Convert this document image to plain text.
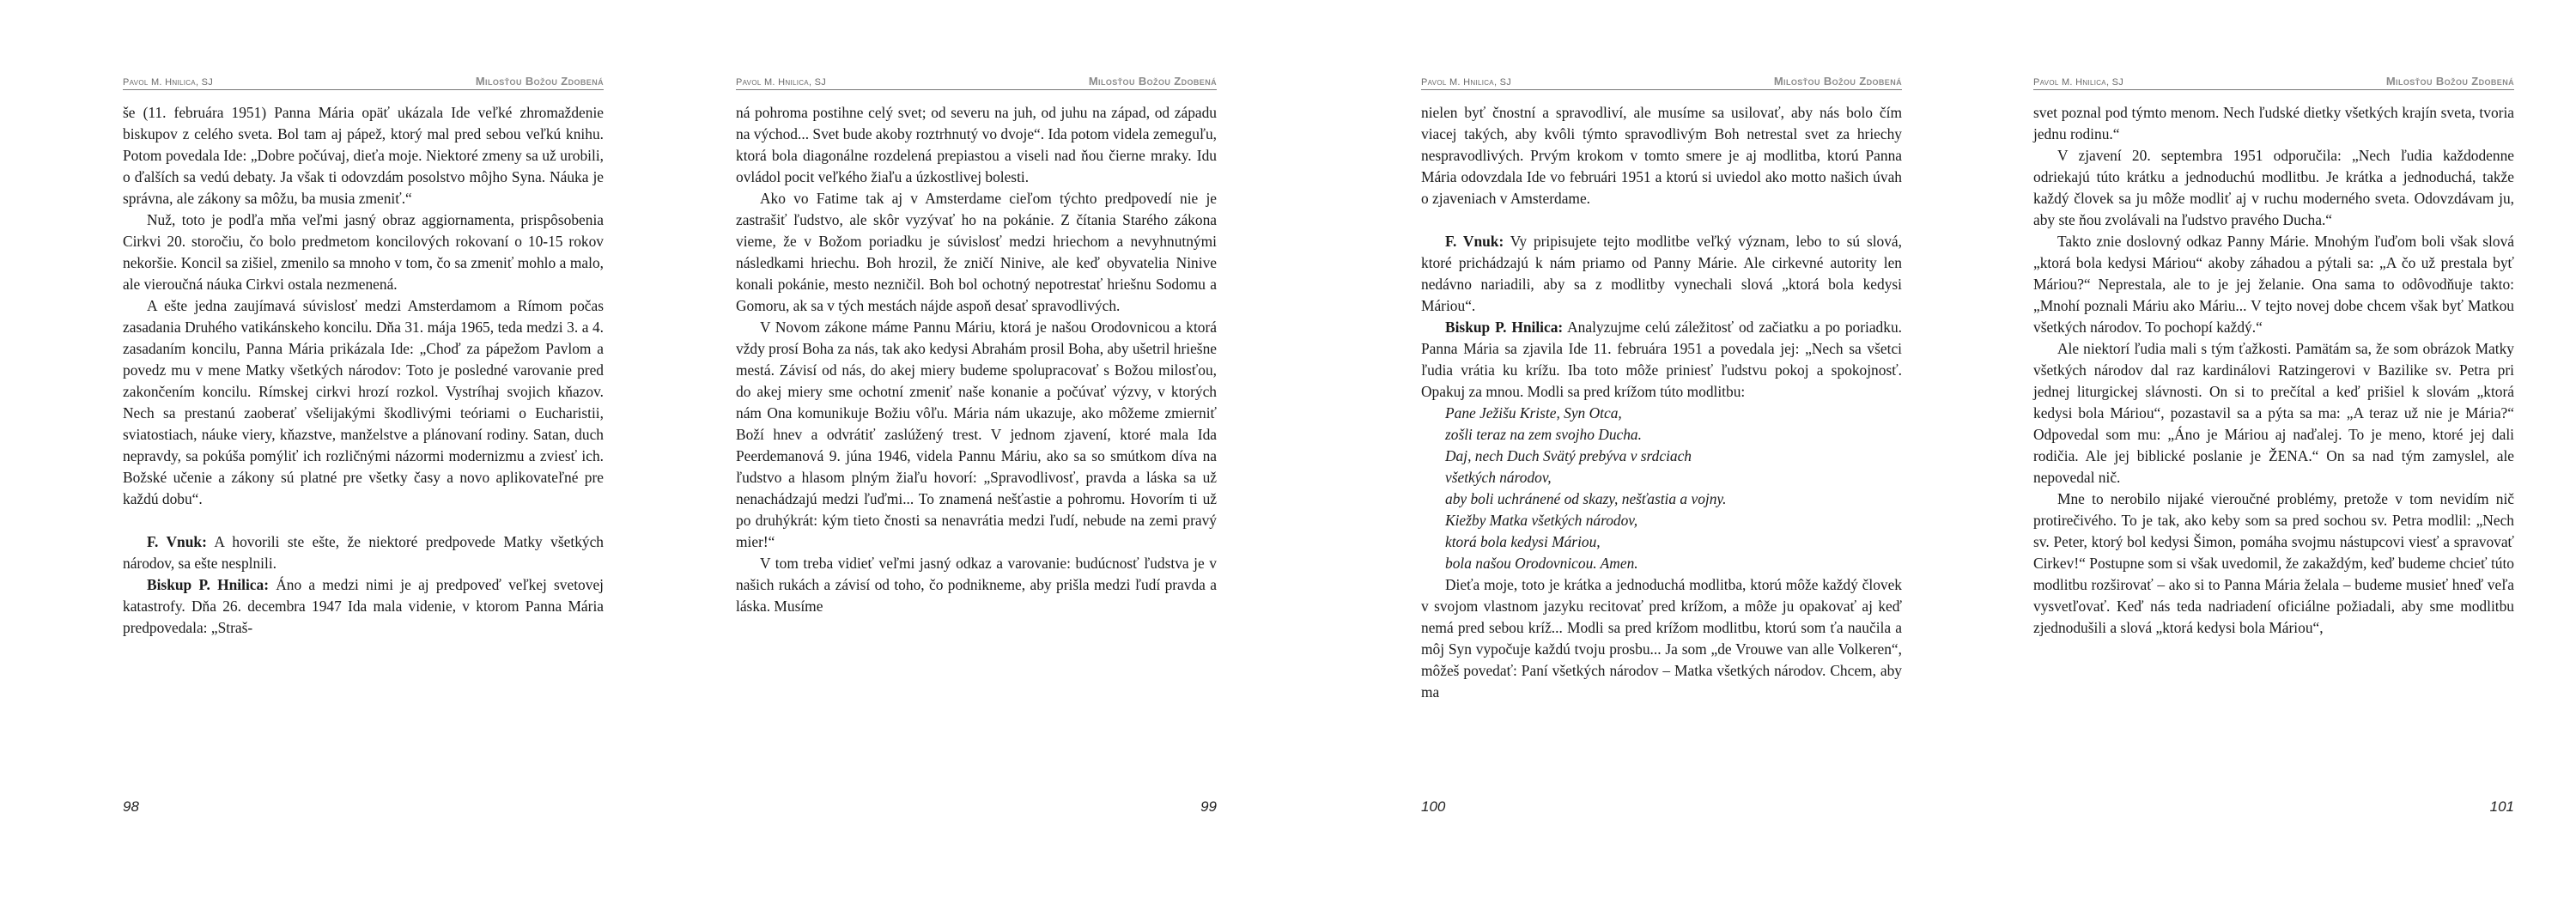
Pavol M. Hnilica, SJ	Milosťou Božou Zdobená

še (11. februára 1951) Panna Mária opäť ukázala Ide veľké zhromaždenie biskupov z celého sveta. Bol tam aj pápež, ktorý mal pred sebou veľkú knihu. Potom povedala Ide: „Dobre počúvaj, dieťa moje. Niektoré zmeny sa už urobili, o ďalších sa vedú debaty. Ja však ti odovzdám posolstvo môjho Syna. Náuka je správna, ale zákony sa môžu, ba musia zmeniť.“

Nuž, toto je podľa mňa veľmi jasný obraz aggiornamenta, prispôsobenia Cirkvi 20. storočiu, čo bolo predmetom koncilových rokovaní o 10-15 rokov nekoršie. Koncil sa zišiel, zmenilo sa mnoho v tom, čo sa zmeniť mohlo a malo, ale vieroučná náuka Cirkvi ostala nezmenená.

A ešte jedna zaujímavá súvislosť medzi Amsterdamom a Rímom počas zasadania Druhého vatikánskeho koncilu. Dňa 31. mája 1965, teda medzi 3. a 4. zasadaním koncilu, Panna Mária prikázala Ide: „Choď za pápežom Pavlom a povedz mu v mene Matky všetkých národov: Toto je posledné varovanie pred zakončením koncilu. Rímskej cirkvi hrozí rozkol. Vystríhaj svojich kňazov. Nech sa prestanú zaoberať všelijakými škodlivými teóriami o Eucharistii, sviatostiach, náuke viery, kňazstve, manželstve a plánovaní rodiny. Satan, duch nepravdy, sa pokúša pomýliť ich rozličnými názormi modernizmu a zviesť ich. Božské učenie a zákony sú platné pre všetky časy a novo aplikovateľné pre každú dobu“.

F. Vnuk: A hovorili ste ešte, že niektoré predpovede Matky všetkých národov, sa ešte nesplnili.

Biskup P. Hnilica: Áno a medzi nimi je aj predpoveď veľkej svetovej katastrofy. Dňa 26. decembra 1947 Ida mala videnie, v ktorom Panna Mária predpovedala: „Straš-

98
Pavol M. Hnilica, SJ	Milosťou Božou Zdobená

ná pohroma postihne celý svet; od severu na juh, od juhu na západ, od západu na východ... Svet bude akoby roztrhnutý vo dvoje“. Ida potom videla zemeguľu, ktorá bola diagonálne rozdelená prepiastou a viseli nad ňou čierne mraky. Idu ovládol pocit veľkého žiaľu a úzkostlivej bolesti.

Ako vo Fatime tak aj v Amsterdame cieľom týchto predpovedí nie je zastrašiť ľudstvo, ale skôr vyzývať ho na pokánie. Z čítania Starého zákona vieme, že v Božom poriadku je súvislosť medzi hriechom a nevyhnutnými následkami hriechu. Boh hrozil, že zničí Ninive, ale keď obyvatelia Ninive konali pokánie, mesto nezničil. Boh bol ochotný nepotrestať hriešnu Sodomu a Gomoru, ak sa v tých mestách nájde aspoň desať spravodlivých.

V Novom zákone máme Pannu Máriu, ktorá je našou Orodovnicou a ktorá vždy prosí Boha za nás, tak ako kedysi Abrahám prosil Boha, aby ušetril hriešne mestá. Závisí od nás, do akej miery budeme spolupracovať s Božou milosťou, do akej miery sme ochotní zmeniť naše konanie a počúvať výzvy, v ktorých nám Ona komunikuje Božiu vôľu. Mária nám ukazuje, ako môžeme zmierniť Boží hnev a odvrátiť zaslúžený trest. V jednom zjavení, ktoré mala Ida Peerdemanová 9. júna 1946, videla Pannu Máriu, ako sa so smútkom díva na ľudstvo a hlasom plným žiaľu hovorí: „Spravodlivosť, pravda a láska sa už nenachádzajú medzi ľuďmi... To znamená nešťastie a pohromu. Hovorím ti už po druhýkrát: kým tieto čnosti sa nenavrátia medzi ľudí, nebude na zemi pravý mier!“

V tom treba vidieť veľmi jasný odkaz a varovanie: budúcnosť ľudstva je v našich rukách a závisí od toho, čo podnikneme, aby prišla medzi ľudí pravda a láska. Musíme

99
Pavol M. Hnilica, SJ	Milosťou Božou Zdobená

nielen byť čnostní a spravodliví, ale musíme sa usilovať, aby nás bolo čím viacej takých, aby kvôli týmto spravodlivým Boh netrestal svet za hriechy nespravodlivých. Prvým krokom v tomto smere je aj modlitba, ktorú Panna Mária odovzdala Ide vo februári 1951 a ktorú si uviedol ako motto našich úvah o zjaveniach v Amsterdame.

F. Vnuk: Vy pripisujete tejto modlitbe veľký význam, lebo to sú slová, ktoré prichádzajú k nám priamo od Panny Márie. Ale cirkevné autority len nedávno nariadili, aby sa z modlitby vynechali slová „ktorá bola kedysi Máriou“.

Biskup P. Hnilica: Analyzujme celú záležitosť od začiatku a po poriadku. Panna Mária sa zjavila Ide 11. februára 1951 a povedala jej: „Nech sa všetci ľudia vrátia ku krížu. Iba toto môže priniesť ľudstvu pokoj a spokojnosť. Opakuj za mnou. Modli sa pred krížom túto modlitbu:

Pane Ježišu Kriste, Syn Otca,
zošli teraz na zem svojho Ducha.
Daj, nech Duch Svätý prebýva v srdciach
všetkých národov,
aby boli uchránené od skazy, nešťastia a vojny.
Kiežby Matka všetkých národov,
ktorá bola kedysi Máriou,
bola našou Orodovnicou. Amen.

Dieťa moje, toto je krátka a jednoduchá modlitba, ktorú môže každý človek v svojom vlastnom jazyku recitovať pred krížom, a môže ju opakovať aj keď nemá pred sebou kríž... Modli sa pred krížom modlitbu, ktorú som ťa naučila a môj Syn vypočuje každú tvoju prosbu... Ja som „de Vrouwe van alle Volkeren“, môžeš povedať: Paní všetkých národov – Matka všetkých národov. Chcem, aby ma

100
Pavol M. Hnilica, SJ	Milosťou Božou Zdobená

svet poznal pod týmto menom. Nech ľudské dietky všetkých krajín sveta, tvoria jednu rodinu.“

V zjavení 20. septembra 1951 odporučila: „Nech ľudia každodenne odriekajú túto krátku a jednoduchú modlitbu. Je krátka a jednoduchá, takže každý človek sa ju môže modliť aj v ruchu moderného sveta. Odovzdávam ju, aby ste ňou zvolávali na ľudstvo pravého Ducha.“

Takto znie doslovný odkaz Panny Márie. Mnohým ľuďom boli však slová „ktorá bola kedysi Máriou“ akoby záhadou a pýtali sa: „A čo už prestala byť Máriou?“ Neprestala, ale to je jej želanie. Ona sama to odôvodňuje takto: „Mnohí poznali Máriu ako Máriu... V tejto novej dobe chcem však byť Matkou všetkých národov. To pochopí každý.“

Ale niektorí ľudia mali s tým ťažkosti. Pamätám sa, že som obrázok Matky všetkých národov dal raz kardinálovi Ratzingerovi v Bazilike sv. Petra pri jednej liturgickej slávnosti. On si to prečítal a keď prišiel k slovám „ktorá kedysi bola Máriou“, pozastavil sa a pýta sa ma: „A teraz už nie je Mária?“ Odpovedal som mu: „Áno je Máriou aj naďalej. To je meno, ktoré jej dali rodičia. Ale jej biblické poslanie je ŽENA.“ On sa nad tým zamyslel, ale nepovedal nič.

Mne to nerobilo nijaké vieroučné problémy, pretože v tom nevidím nič protirečivého. To je tak, ako keby som sa pred sochou sv. Petra modlil: „Nech sv. Peter, ktorý bol kedysi Šimon, pomáha svojmu nástupcovi viesť a spravovať Cirkev!“ Postupne som si však uvedomil, že zakaždým, keď budeme chcieť túto modlitbu rozširovať – ako si to Panna Mária želala – budeme musieť hneď veľa vysvetľovať. Keď nás teda nadriadení oficiálne požiadali, aby sme modlitbu zjednodušili a slová „ktorá kedysi bola Máriou“,

101
